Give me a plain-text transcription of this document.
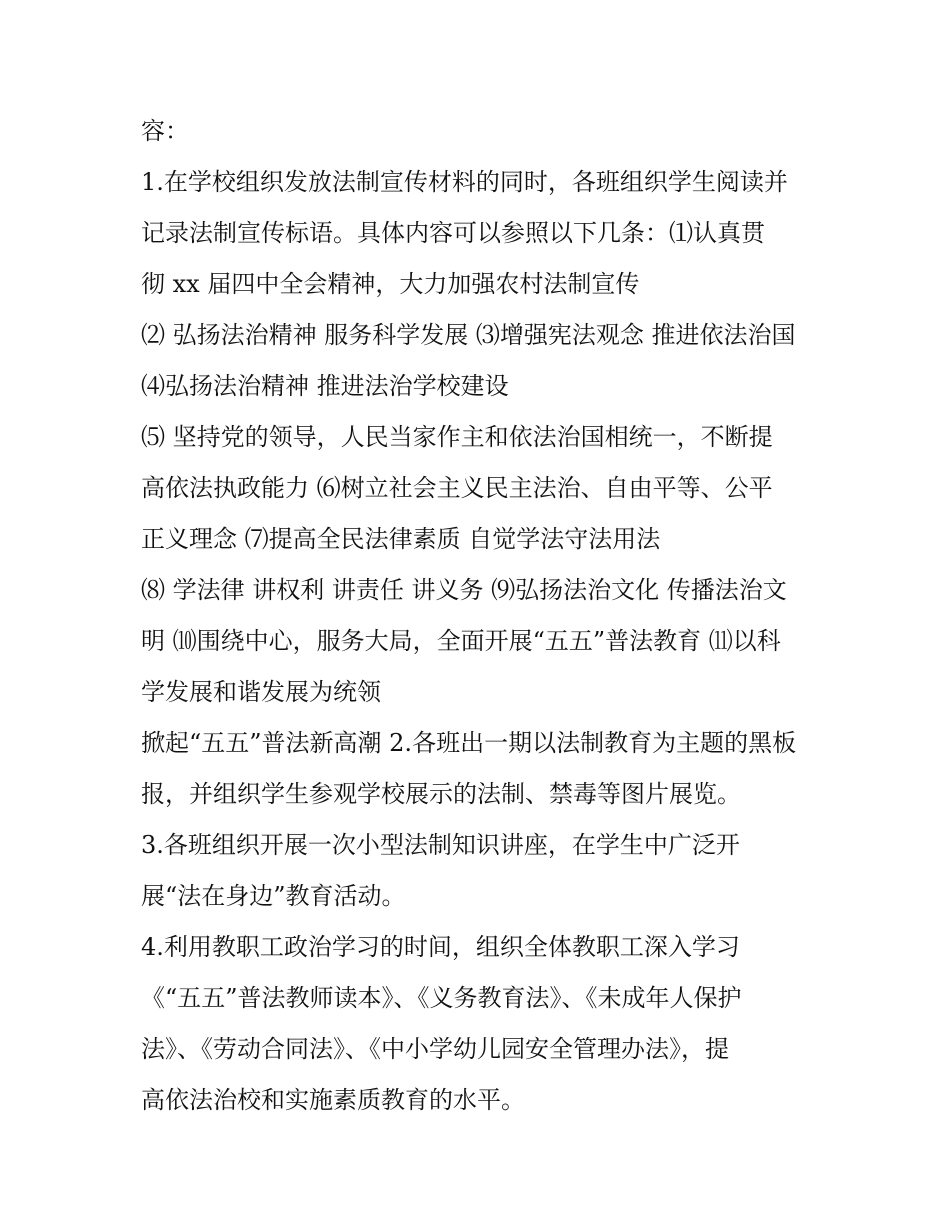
容：
1.在学校组织发放法制宣传材料的同时，各班组织学生阅读并
记录法制宣传标语。具体内容可以参照以下几条：⑴认真贯
彻 xx 届四中全会精神，大力加强农村法制宣传
⑵ 弘扬法治精神 服务科学发展 ⑶增强宪法观念 推进依法治国
⑷弘扬法治精神 推进法治学校建设
⑸ 坚持党的领导，人民当家作主和依法治国相统一，不断提
高依法执政能力 ⑹树立社会主义民主法治、自由平等、公平
正义理念 ⑺提高全民法律素质 自觉学法守法用法
⑻ 学法律 讲权利 讲责任 讲义务 ⑼弘扬法治文化 传播法治文
明 ⑽围绕中心，服务大局，全面开展“五五”普法教育 ⑾以科
学发展和谐发展为统领
掀起“五五”普法新高潮 2.各班出一期以法制教育为主题的黑板
报，并组织学生参观学校展示的法制、禁毒等图片展览。
3.各班组织开展一次小型法制知识讲座，在学生中广泛开
展“法在身边”教育活动。
4.利用教职工政治学习的时间，组织全体教职工深入学习
《“五五”普法教师读本》、《义务教育法》、《未成年人保护
法》、《劳动合同法》、《中小学幼儿园安全管理办法》，提
高依法治校和实施素质教育的水平。
